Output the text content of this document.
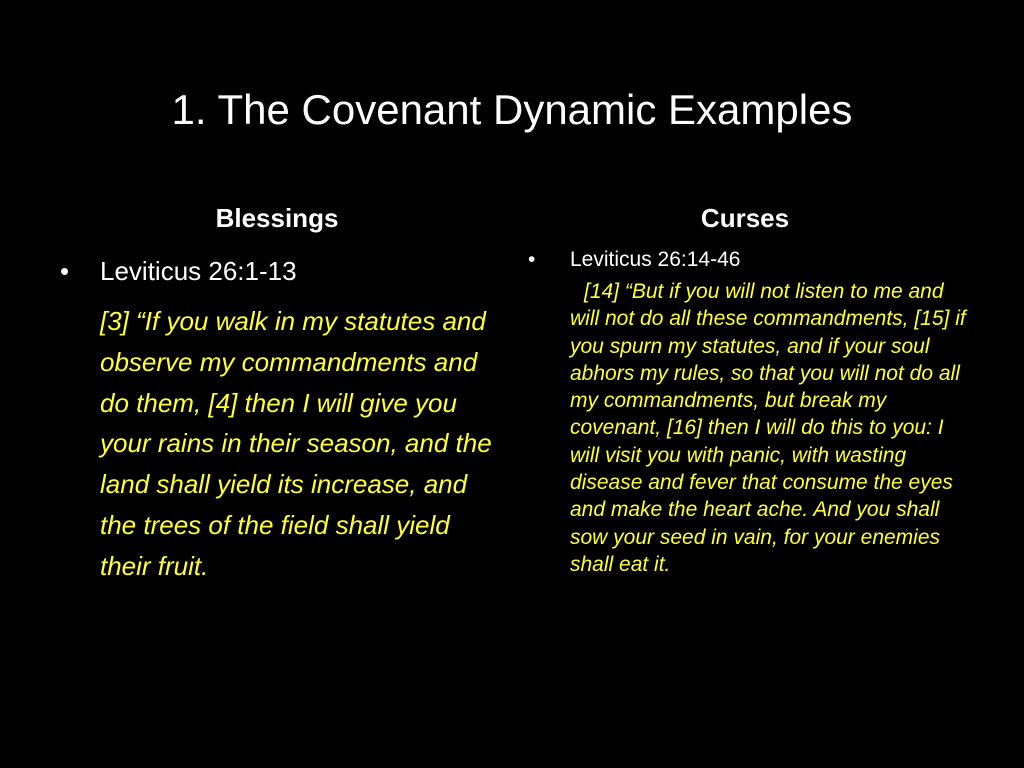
1. The Covenant Dynamic Examples
Blessings	Curses
• Leviticus 26:1-13
[3] “If you walk in my statutes and observe my commandments and do them, [4] then I will give you your rains in their season, and the land shall yield its increase, and the trees of the field shall yield their fruit.
• Leviticus 26:14-46
[14] “But if you will not listen to me and will not do all these commandments, [15] if you spurn my statutes, and if your soul abhors my rules, so that you will not do all my commandments, but break my covenant, [16] then I will do this to you: I will visit you with panic, with wasting disease and fever that consume the eyes and make the heart ache. And you shall sow your seed in vain, for your enemies shall eat it.
